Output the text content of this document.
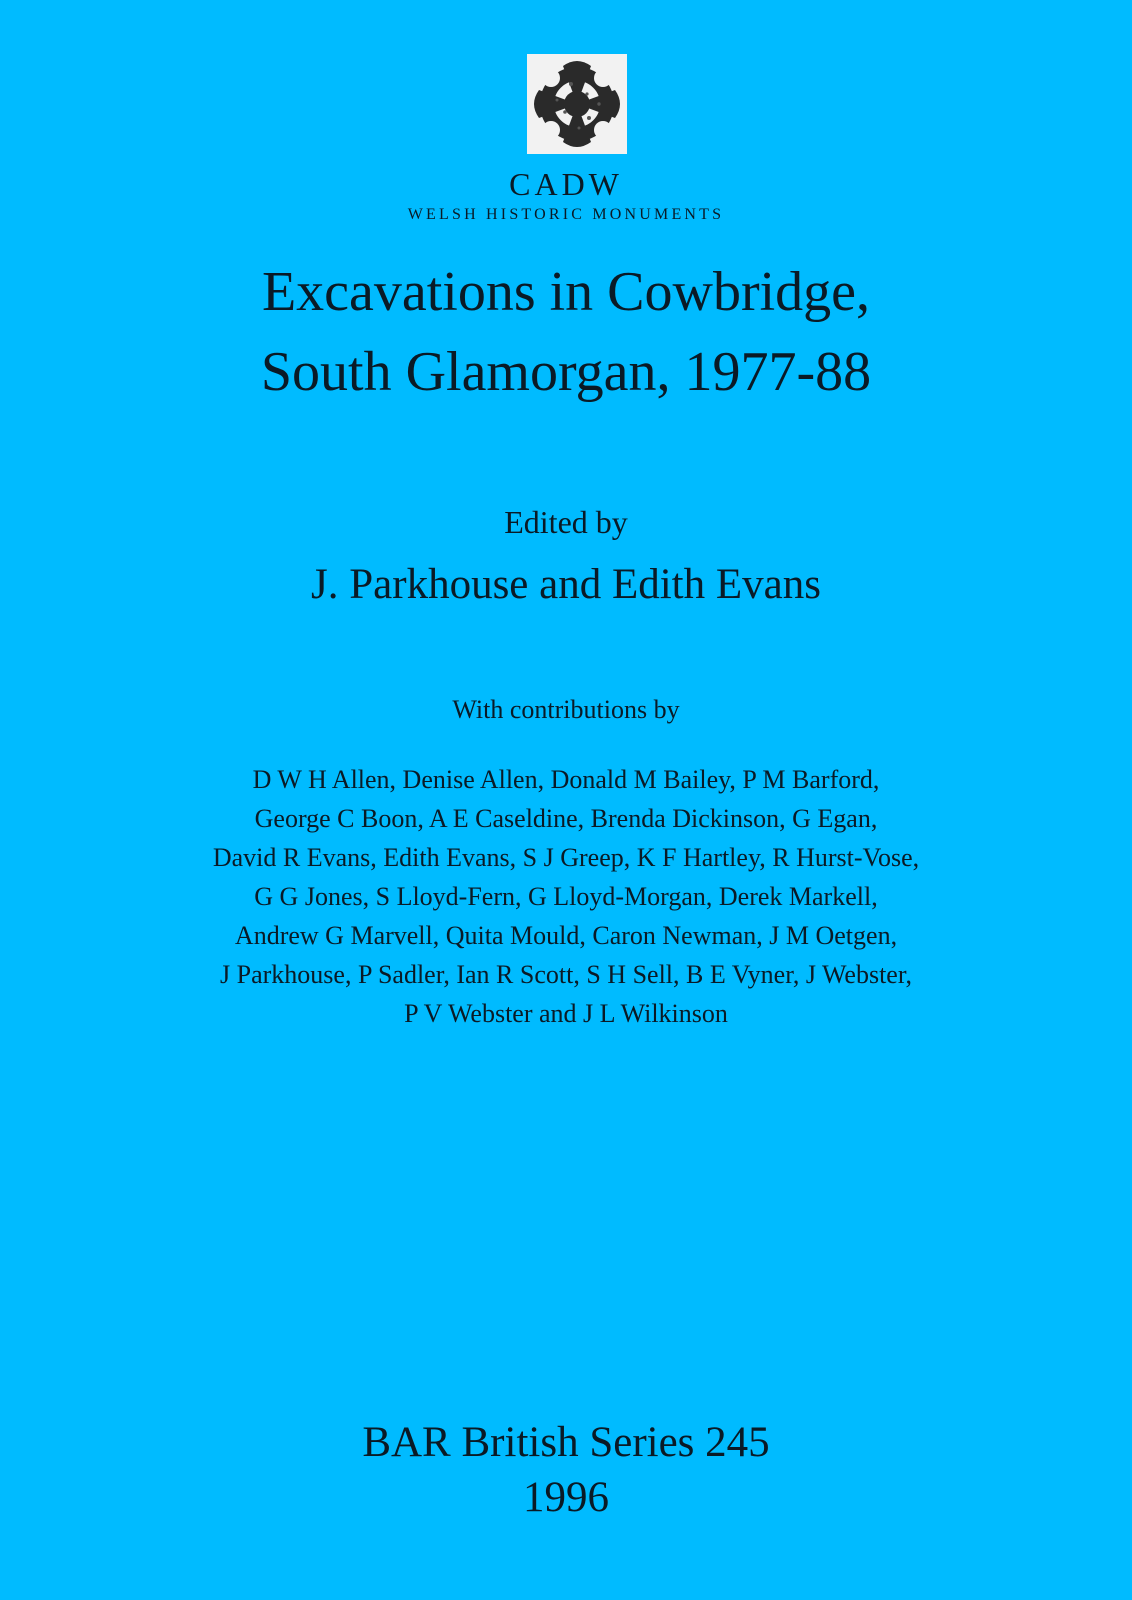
CADW
WELSH HISTORIC MONUMENTS
Excavations in Cowbridge,
South Glamorgan, 1977-88
Edited by
J. Parkhouse and Edith Evans
With contributions by
D W H Allen, Denise Allen, Donald M Bailey, P M Barford,
George C Boon, A E Caseldine, Brenda Dickinson, G Egan,
David R Evans, Edith Evans, S J Greep, K F Hartley, R Hurst-Vose,
G G Jones, S Lloyd-Fern, G Lloyd-Morgan, Derek Markell,
Andrew G Marvell, Quita Mould, Caron Newman, J M Oetgen,
J Parkhouse, P Sadler, Ian R Scott, S H Sell, B E Vyner, J Webster,
P V Webster and J L Wilkinson
BAR British Series 245
1996
